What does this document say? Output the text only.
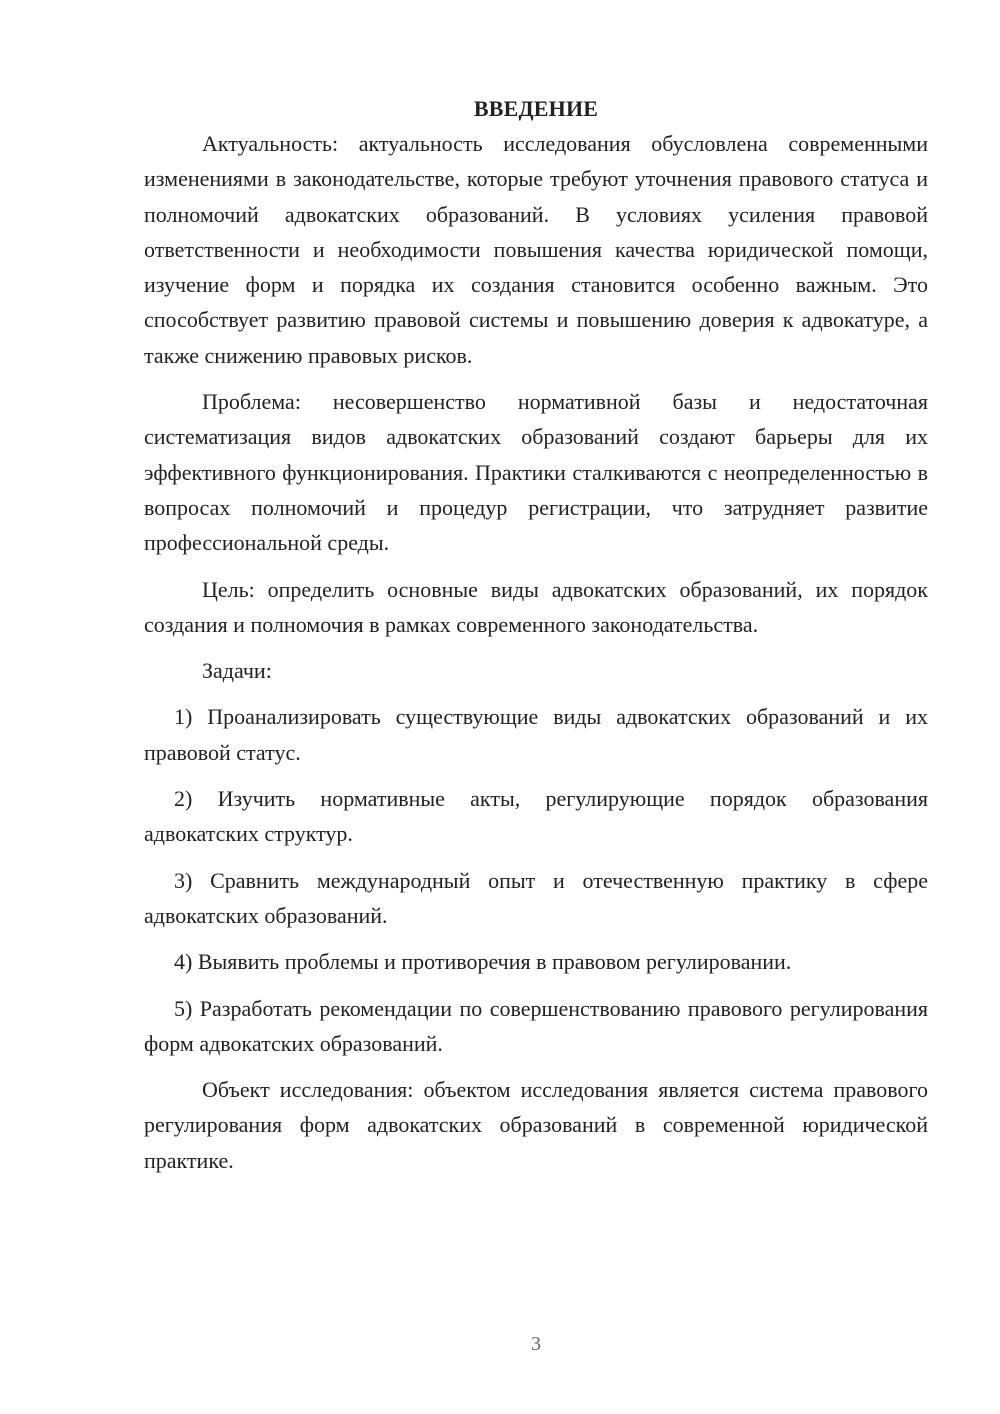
ВВЕДЕНИЕ

Актуальность: актуальность исследования обусловлена современными изменениями в законодательстве, которые требуют уточнения правового статуса и полномочий адвокатских образований. В условиях усиления правовой ответственности и необходимости повышения качества юридической помощи, изучение форм и порядка их создания становится особенно важным. Это способствует развитию правовой системы и повышению доверия к адвокатуре, а также снижению правовых рисков.

Проблема: несовершенство нормативной базы и недостаточная систематизация видов адвокатских образований создают барьеры для их эффективного функционирования. Практики сталкиваются с неопределенностью в вопросах полномочий и процедур регистрации, что затрудняет развитие профессиональной среды.

Цель: определить основные виды адвокатских образований, их порядок создания и полномочия в рамках современного законодательства.

Задачи:

1) Проанализировать существующие виды адвокатских образований и их правовой статус.

2) Изучить нормативные акты, регулирующие порядок образования адвокатских структур.

3) Сравнить международный опыт и отечественную практику в сфере адвокатских образований.

4) Выявить проблемы и противоречия в правовом регулировании.

5) Разработать рекомендации по совершенствованию правового регулирования форм адвокатских образований.

Объект исследования: объектом исследования является система правового регулирования форм адвокатских образований в современной юридической практике.

3
